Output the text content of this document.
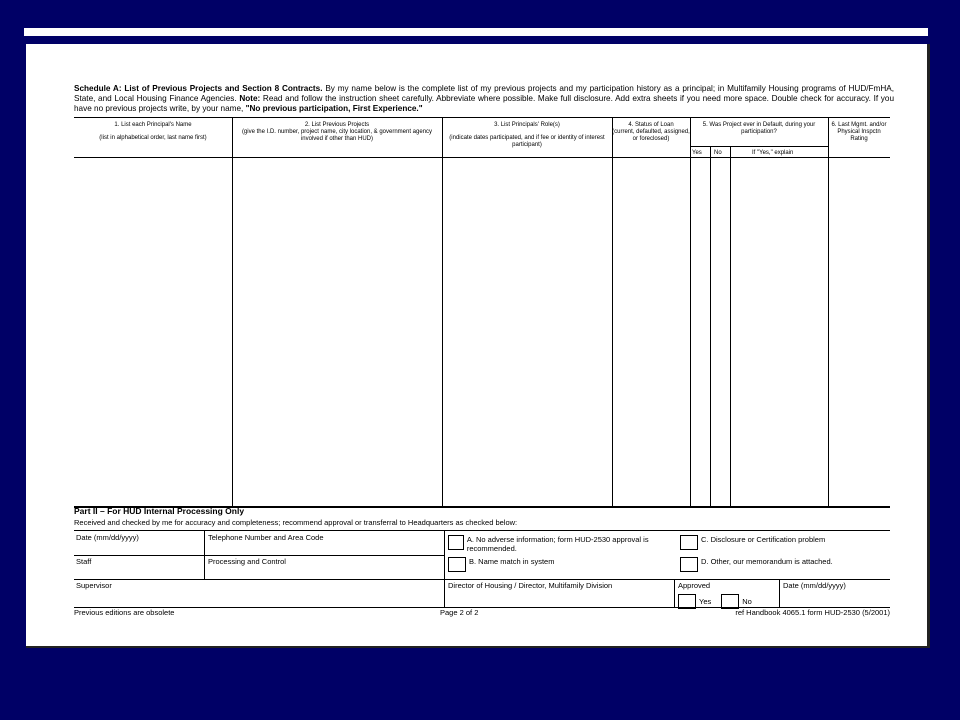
Schedule A: List of Previous Projects and Section 8 Contracts. By my name below is the complete list of my previous projects and my participation history as a principal; in Multifamily Housing programs of HUD/FmHA, State, and Local Housing Finance Agencies. Note: Read and follow the instruction sheet carefully. Abbreviate where possible. Make full disclosure. Add extra sheets if you need more space. Double check for accuracy. If you have no previous projects write, by your name, "No previous participation, First Experience."
1. List each Principal's Name
(list in alphabetical order, last name first)
2. List Previous Projects
(give the I.D. number, project name, city location, & government agency involved if other than HUD)
3. List Principals' Role(s)
(indicate dates participated, and if fee or identity of interest participant)
4. Status of Loan
(current, defaulted, assigned, or foreclosed)
5. Was Project ever in Default, during your participation?
Yes No	If "Yes," explain
6. Last Mgmt. and/or Physical Inspctn Rating
Part II – For HUD Internal Processing Only
Received and checked by me for accuracy and completeness; recommend approval or transferral to Headquarters as checked below:
Date (mm/dd/yyyy)	Telephone Number and Area Code
Staff	Processing and Control
Supervisor	Director of Housing / Director, Multifamily Division
A. No adverse information; form HUD-2530 approval is recommended.
B. Name match in system
C. Disclosure or Certification problem
D. Other, our memorandum is attached.
Approved
Yes	No
Date (mm/dd/yyyy)
Previous editions are obsolete	Page 2 of 2	ref Handbook 4065.1 form HUD-2530 (5/2001)
